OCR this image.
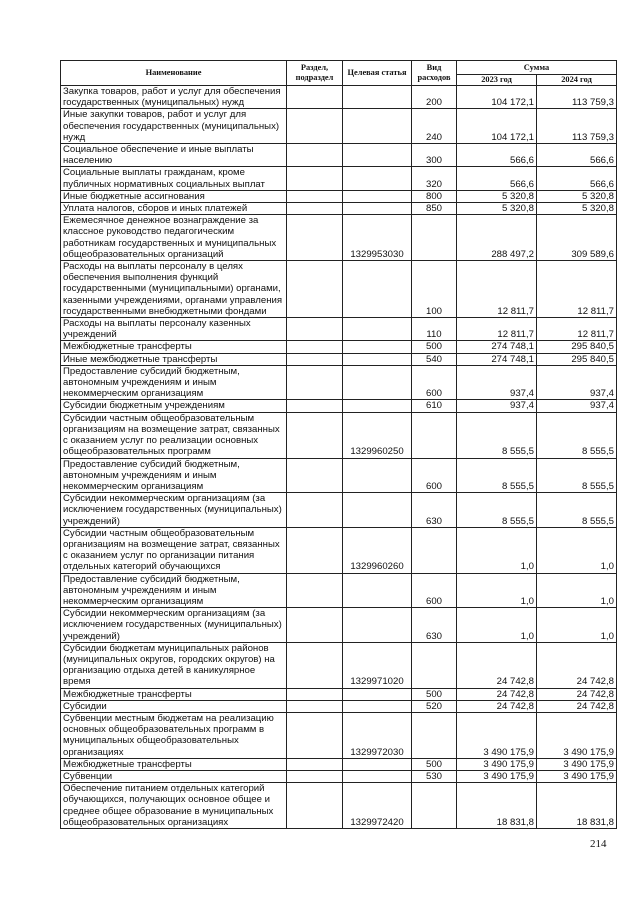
Наименование	Раздел, подраздел	Целевая статья	Вид расходов	Сумма	
				2023 год	2024 год
Закупка товаров, работ и услуг для обеспечения государственных (муниципальных) нужд			200	104 172,1	113 759,3
Иные закупки товаров, работ и услуг для обеспечения государственных (муниципальных) нужд			240	104 172,1	113 759,3
Социальное обеспечение и иные выплаты населению			300	566,6	566,6
Социальные выплаты гражданам, кроме публичных нормативных социальных выплат			320	566,6	566,6
Иные бюджетные ассигнования			800	5 320,8	5 320,8
Уплата налогов, сборов и иных платежей			850	5 320,8	5 320,8
Ежемесячное денежное вознаграждение за классное руководство педагогическим работникам государственных и муниципальных общеобразовательных организаций		1329953030		288 497,2	309 589,6
Расходы на выплаты персоналу в целях обеспечения выполнения функций государственными (муниципальными) органами, казенными учреждениями, органами управления государственными внебюджетными фондами			100	12 811,7	12 811,7
Расходы на выплаты персоналу казенных учреждений			110	12 811,7	12 811,7
Межбюджетные трансферты			500	274 748,1	295 840,5
Иные межбюджетные трансферты			540	274 748,1	295 840,5
Предоставление субсидий бюджетным, автономным учреждениям и иным некоммерческим организациям			600	937,4	937,4
Субсидии бюджетным учреждениям			610	937,4	937,4
Субсидии частным общеобразовательным организациям на возмещение затрат, связанных с оказанием услуг по реализации основных общеобразовательных программ		1329960250		8 555,5	8 555,5
Предоставление субсидий бюджетным, автономным учреждениям и иным некоммерческим организациям			600	8 555,5	8 555,5
Субсидии некоммерческим организациям (за исключением государственных (муниципальных) учреждений)			630	8 555,5	8 555,5
Субсидии частным общеобразовательным организациям на возмещение затрат, связанных с оказанием услуг по организации питания отдельных категорий обучающихся		1329960260		1,0	1,0
Предоставление субсидий бюджетным, автономным учреждениям и иным некоммерческим организациям			600	1,0	1,0
Субсидии некоммерческим организациям (за исключением государственных (муниципальных) учреждений)			630	1,0	1,0
Субсидии бюджетам муниципальных районов (муниципальных округов, городских округов) на организацию отдыха детей в каникулярное время		1329971020		24 742,8	24 742,8
Межбюджетные трансферты			500	24 742,8	24 742,8
Субсидии			520	24 742,8	24 742,8
Субвенции местным бюджетам на реализацию основных общеобразовательных программ в муниципальных общеобразовательных организациях		1329972030		3 490 175,9	3 490 175,9
Межбюджетные трансферты			500	3 490 175,9	3 490 175,9
Субвенции			530	3 490 175,9	3 490 175,9
Обеспечение питанием отдельных категорий обучающихся, получающих основное общее и среднее общее образование в муниципальных общеобразовательных организациях		1329972420		18 831,8	18 831,8
214
